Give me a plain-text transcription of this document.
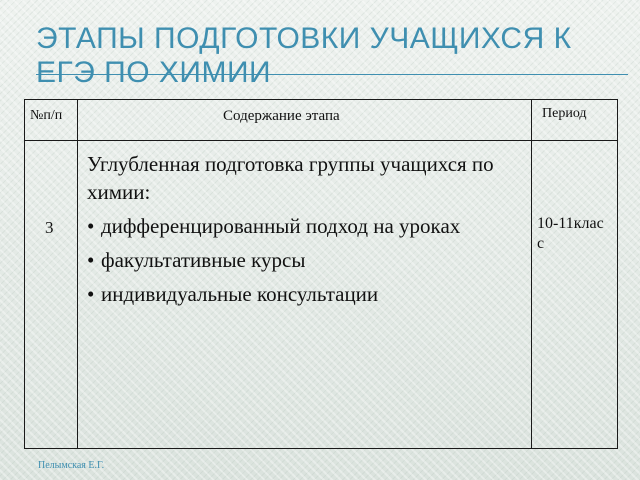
ЭТАПЫ ПОДГОТОВКИ УЧАЩИХСЯ К ЕГЭ ПО ХИМИИ
№п/п	Содержание этапа	Период
3
Углубленная подготовка группы учащихся по химии:
• дифференцированный подход на уроках
• факультативные курсы
• индивидуальные консультации
10-11класс
Пелымская Е.Г.
